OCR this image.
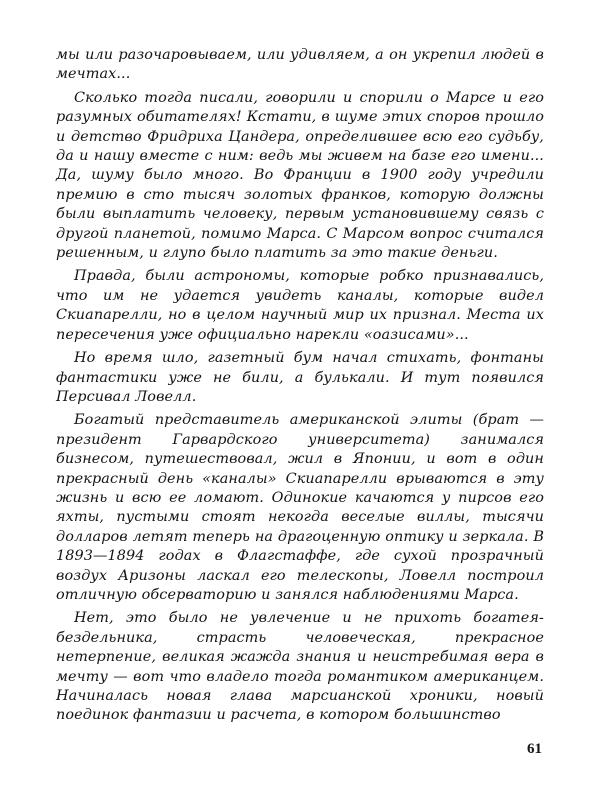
мы или разочаровываем, или удивляем, а он укрепил людей в мечтах...

Сколько тогда писали, говорили и спорили о Марсе и его разумных обитателях! Кстати, в шуме этих споров прошло и детство Фридриха Цандера, определившее всю его судьбу, да и нашу вместе с ним: ведь мы живем на базе его имени... Да, шуму было много. Во Франции в 1900 году учредили премию в сто тысяч золотых франков, которую должны были выплатить человеку, первым установившему связь с другой планетой, помимо Марса. С Марсом вопрос считался решенным, и глупо было платить за это такие деньги.

Правда, были астрономы, которые робко признавались, что им не удается увидеть каналы, которые видел Скиапарелли, но в целом научный мир их признал. Места их пересечения уже официально нарекли «оазисами»...

Но время шло, газетный бум начал стихать, фонтаны фантастики уже не били, а булькали. И тут появился Персивал Ловелл.

Богатый представитель американской элиты (брат — президент Гарвардского университета) занимался бизнесом, путешествовал, жил в Японии, и вот в один прекрасный день «каналы» Скиапарелли врываются в эту жизнь и всю ее ломают. Одинокие качаются у пирсов его яхты, пустыми стоят некогда веселые виллы, тысячи долларов летят теперь на драгоценную оптику и зеркала. В 1893—1894 годах в Флагстаффе, где сухой прозрачный воздух Аризоны ласкал его телескопы, Ловелл построил отличную обсерваторию и занялся наблюдениями Марса.

Нет, это было не увлечение и не прихоть богатея-бездельника, страсть человеческая, прекрасное нетерпение, великая жажда знания и неистребимая вера в мечту — вот что владело тогда романтиком американцем. Начиналась новая глава марсианской хроники, новый поединок фантазии и расчета, в котором большинство

61
